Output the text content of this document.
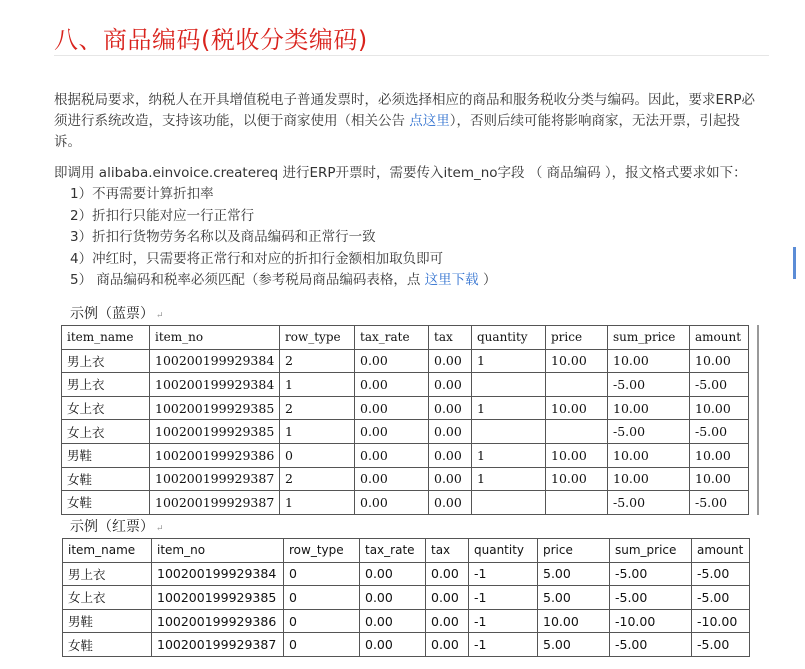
八、商品编码(税收分类编码)
根据税局要求，纳税人在开具增值税电子普通发票时，必须选择相应的商品和服务税收分类与编码。因此，要求ERP必须进行系统改造，支持该功能，以便于商家使用（相关公告 点这里），否则后续可能将影响商家，无法开票，引起投诉。
即调用 alibaba.einvoice.createreq 进行ERP开票时，需要传入item_no字段 （ 商品编码 ），报文格式要求如下：
1）不再需要计算折扣率
2）折扣行只能对应一行正常行
3）折扣行货物劳务名称以及商品编码和正常行一致
4）冲红时，只需要将正常行和对应的折扣行金额相加取负即可
5） 商品编码和税率必须匹配（参考税局商品编码表格，点 这里下载 ）
示例（蓝票） ↵
item_name	item_no	row_type	tax_rate	tax	quantity	price	sum_price	amount
男上衣	100200199929384	2	0.00	0.00	1	10.00	10.00	10.00
男上衣	100200199929384	1	0.00	0.00			-5.00	-5.00
女上衣	100200199929385	2	0.00	0.00	1	10.00	10.00	10.00
女上衣	100200199929385	1	0.00	0.00			-5.00	-5.00
男鞋	100200199929386	0	0.00	0.00	1	10.00	10.00	10.00
女鞋	100200199929387	2	0.00	0.00	1	10.00	10.00	10.00
女鞋	100200199929387	1	0.00	0.00			-5.00	-5.00
示例（红票） ↵
item_name	item_no	row_type	tax_rate	tax	quantity	price	sum_price	amount
男上衣	100200199929384	0	0.00	0.00	-1	5.00	-5.00	-5.00
女上衣	100200199929385	0	0.00	0.00	-1	5.00	-5.00	-5.00
男鞋	100200199929386	0	0.00	0.00	-1	10.00	-10.00	-10.00
女鞋	100200199929387	0	0.00	0.00	-1	5.00	-5.00	-5.00
